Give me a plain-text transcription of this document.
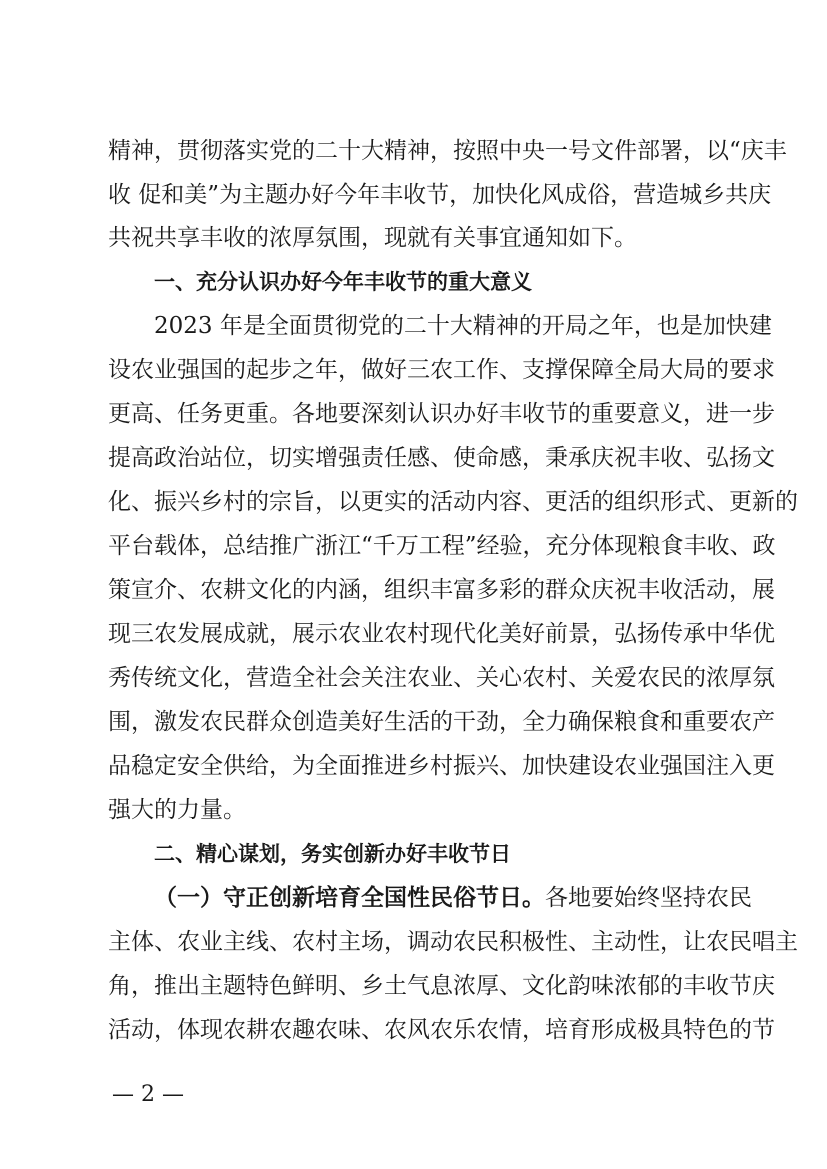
精神，贯彻落实党的二十大精神，按照中央一号文件部署，以“庆丰
收 促和美”为主题办好今年丰收节，加快化风成俗，营造城乡共庆
共祝共享丰收的浓厚氛围，现就有关事宜通知如下。
一、充分认识办好今年丰收节的重大意义
2023 年是全面贯彻党的二十大精神的开局之年，也是加快建
设农业强国的起步之年，做好三农工作、支撑保障全局大局的要求
更高、任务更重。各地要深刻认识办好丰收节的重要意义，进一步
提高政治站位，切实增强责任感、使命感，秉承庆祝丰收、弘扬文
化、振兴乡村的宗旨，以更实的活动内容、更活的组织形式、更新的
平台载体，总结推广浙江“千万工程”经验，充分体现粮食丰收、政
策宣介、农耕文化的内涵，组织丰富多彩的群众庆祝丰收活动，展
现三农发展成就，展示农业农村现代化美好前景，弘扬传承中华优
秀传统文化，营造全社会关注农业、关心农村、关爱农民的浓厚氛
围，激发农民群众创造美好生活的干劲，全力确保粮食和重要农产
品稳定安全供给，为全面推进乡村振兴、加快建设农业强国注入更
强大的力量。
二、精心谋划，务实创新办好丰收节日
（一）守正创新培育全国性民俗节日。各地要始终坚持农民
主体、农业主线、农村主场，调动农民积极性、主动性，让农民唱主
角，推出主题特色鲜明、乡土气息浓厚、文化韵味浓郁的丰收节庆
活动，体现农耕农趣农味、农风农乐农情，培育形成极具特色的节
— 2 —
